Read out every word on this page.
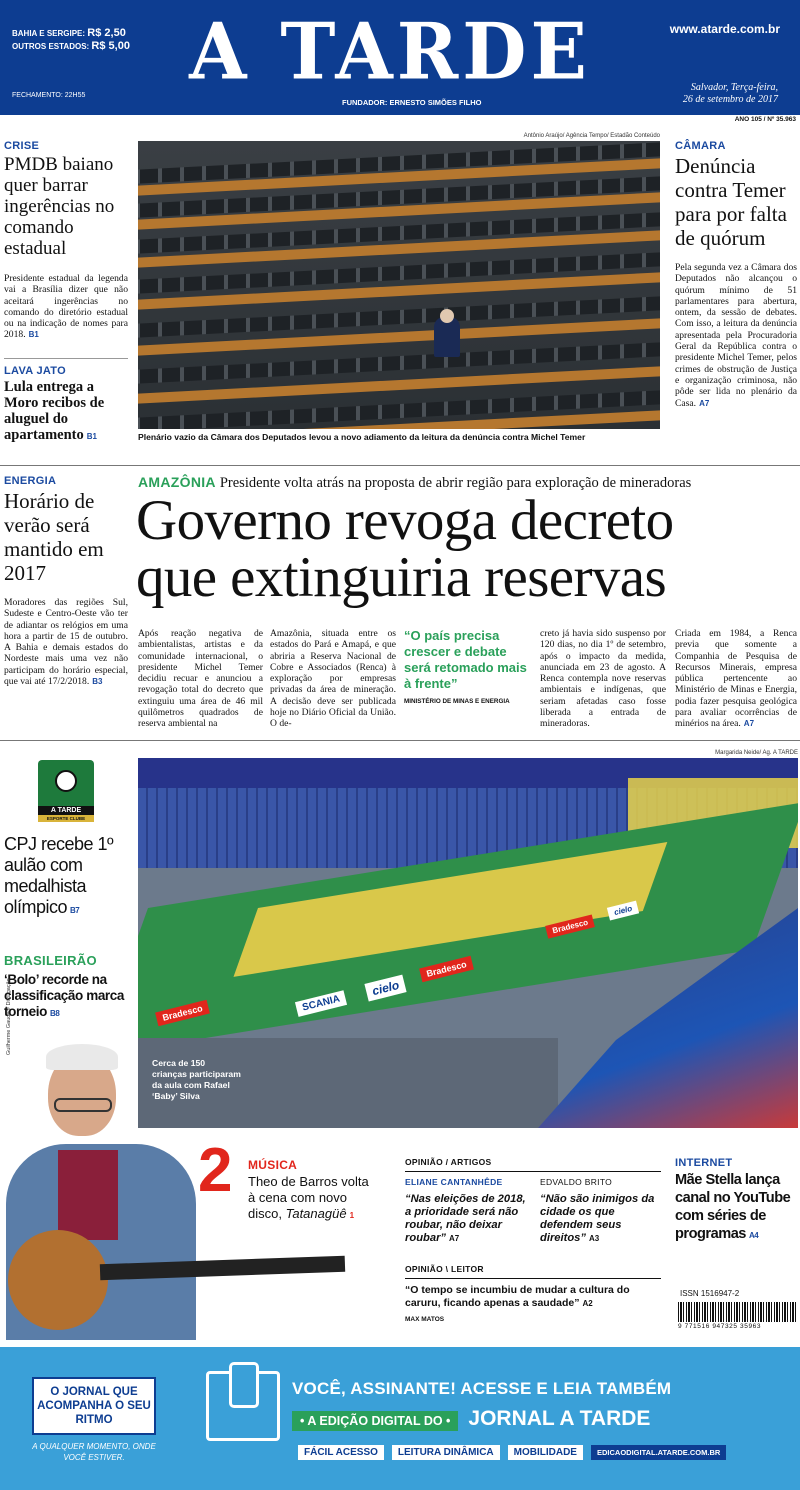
BAHIA E SERGIPE: R$ 2,50
OUTROS ESTADOS: R$ 5,00
FECHAMENTO: 22H55	A TARDE
FUNDADOR: ERNESTO SIMÕES FILHO
www.atarde.com.br
Salvador, Terça-feira,
26 de setembro de 2017
ANO 105 / Nº 35.963
CRISE
PMDB baiano quer barrar ingerências no comando estadual
Presidente estadual da legenda vai a Brasília dizer que não aceitará ingerências no comando do diretório estadual ou na indicação de nomes para 2018. B1
LAVA JATO
Lula entrega a Moro recibos de aluguel do apartamento B1
Antônio Araújo/ Agência Tempo/ Estadão Conteúdo
Plenário vazio da Câmara dos Deputados levou a novo adiamento da leitura da denúncia contra Michel Temer
CÂMARA
Denúncia contra Temer para por falta de quórum
Pela segunda vez a Câmara dos Deputados não alcançou o quórum mínimo de 51 parlamentares para abertura, ontem, da sessão de debates. Com isso, a leitura da denúncia apresentada pela Procuradoria Geral da República contra o presidente Michel Temer, pelos crimes de obstrução de Justiça e organização criminosa, não pôde ser lida no plenário da Casa. A7
ENERGIA
Horário de verão será mantido em 2017
Moradores das regiões Sul, Sudeste e Centro-Oeste vão ter de adiantar os relógios em uma hora a partir de 15 de outubro. A Bahia e demais estados do Nordeste mais uma vez não participam do horário especial, que vai até 17/2/2018. B3
AMAZÔNIA Presidente volta atrás na proposta de abrir região para exploração de mineradoras
Governo revoga decreto
que extinguiria reservas
Após reação negativa de ambientalistas, artistas e da comunidade internacional, o presidente Michel Temer decidiu recuar e anunciou a revogação total do decreto que extinguiu uma área de 46 mil quilômetros quadrados de reserva ambiental na
Amazônia, situada entre os estados do Pará e Amapá, e que abriria a Reserva Nacional de Cobre e Associados (Renca) à exploração por empresas privadas da área de mineração. A decisão deve ser publicada hoje no Diário Oficial da União. O de-
“O país precisa crescer e debate será retomado mais à frente”
MINISTÉRIO DE MINAS E ENERGIA
creto já havia sido suspenso por 120 dias, no dia 1º de setembro, após o impacto da medida, anunciada em 23 de agosto. A Renca contempla nove reservas ambientais e indígenas, que seriam afetadas caso fosse liberada a entrada de mineradoras.
Criada em 1984, a Renca previa que somente a Companhia de Pesquisa de Recursos Minerais, empresa pública pertencente ao Ministério de Minas e Energia, podia fazer pesquisa geológica para avaliar ocorrências de minérios na área. A7
A TARDE
ESPORTE CLUBE
CPJ recebe 1º aulão com medalhista olímpico B7
BRASILEIRÃO
‘Bolo’ recorde na classificação marca torneio B8
Margarida Neide/ Ag. A TARDE
Bradesco	SCANIA
cielo
Bradesco
Bradesco
cielo
Cerca de 150 crianças participaram da aula com Rafael ‘Baby’ Silva
Guilherme Gaudeo/ Divulgação
2 MÚSICA
Theo de Barros volta à cena com novo disco, Tatanagüê 1
OPINIÃO / ARTIGOS
ELIANE CANTANHÊDE
“Nas eleições de 2018, a prioridade será não roubar, não deixar roubar” A7
EDVALDO BRITO
“Não são inimigos da cidade os que defendem seus direitos” A3
OPINIÃO \ LEITOR
“O tempo se incumbiu de mudar a cultura do caruru, ficando apenas a saudade” A2
MAX MATOS
INTERNET
Mãe Stella lança canal no YouTube com séries de programas A4
ISSN 1516947-2
9 771516 947325 35963
O JORNAL QUE ACOMPANHA O SEU RITMO
A QUALQUER MOMENTO, ONDE VOCÊ ESTIVER.
VOCÊ, ASSINANTE! ACESSE E LEIA TAMBÉM
• A EDIÇÃO DIGITAL DO • JORNAL A TARDE
FÁCIL ACESSO LEITURA DINÂMICA MOBILIDADE	EDICAODIGITAL.ATARDE.COM.BR
